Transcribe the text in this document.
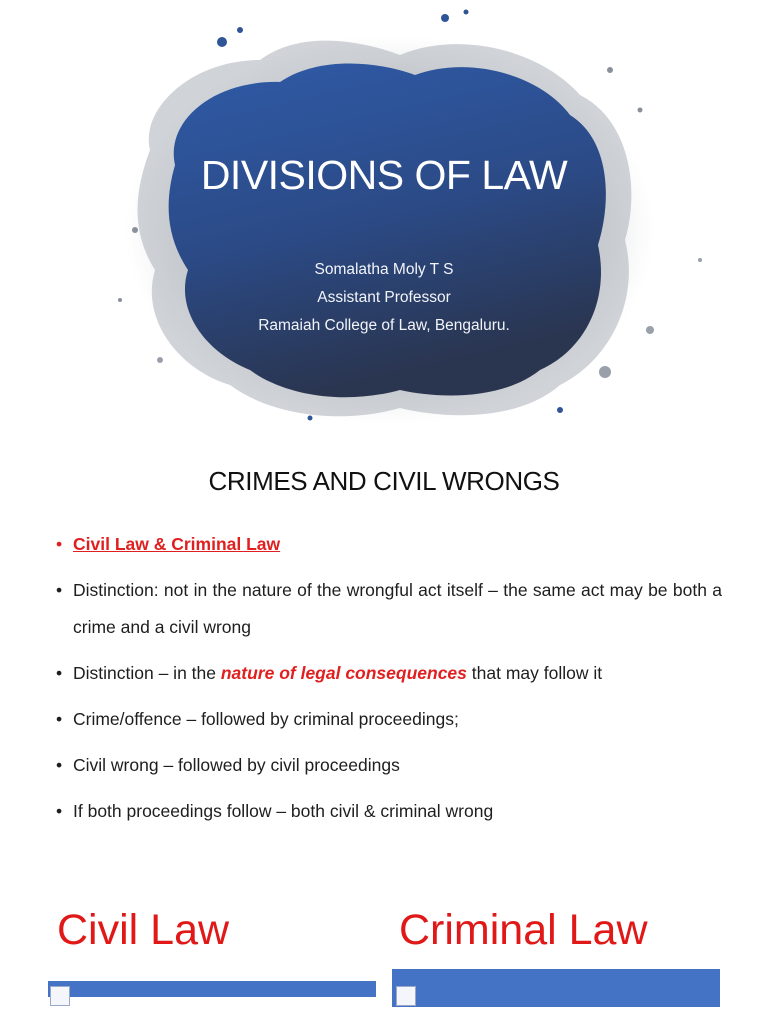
DIVISIONS OF LAW
Somalatha Moly T S
Assistant Professor
Ramaiah College of Law, Bengaluru.
CRIMES AND CIVIL WRONGS
• Civil Law & Criminal Law
• Distinction: not in the nature of the wrongful act itself – the same act may be both a crime and a civil wrong
• Distinction – in the nature of legal consequences that may follow it
• Crime/offence – followed by criminal proceedings;
• Civil wrong – followed by civil proceedings
• If both proceedings follow – both civil & criminal wrong
Civil Law	Criminal Law
